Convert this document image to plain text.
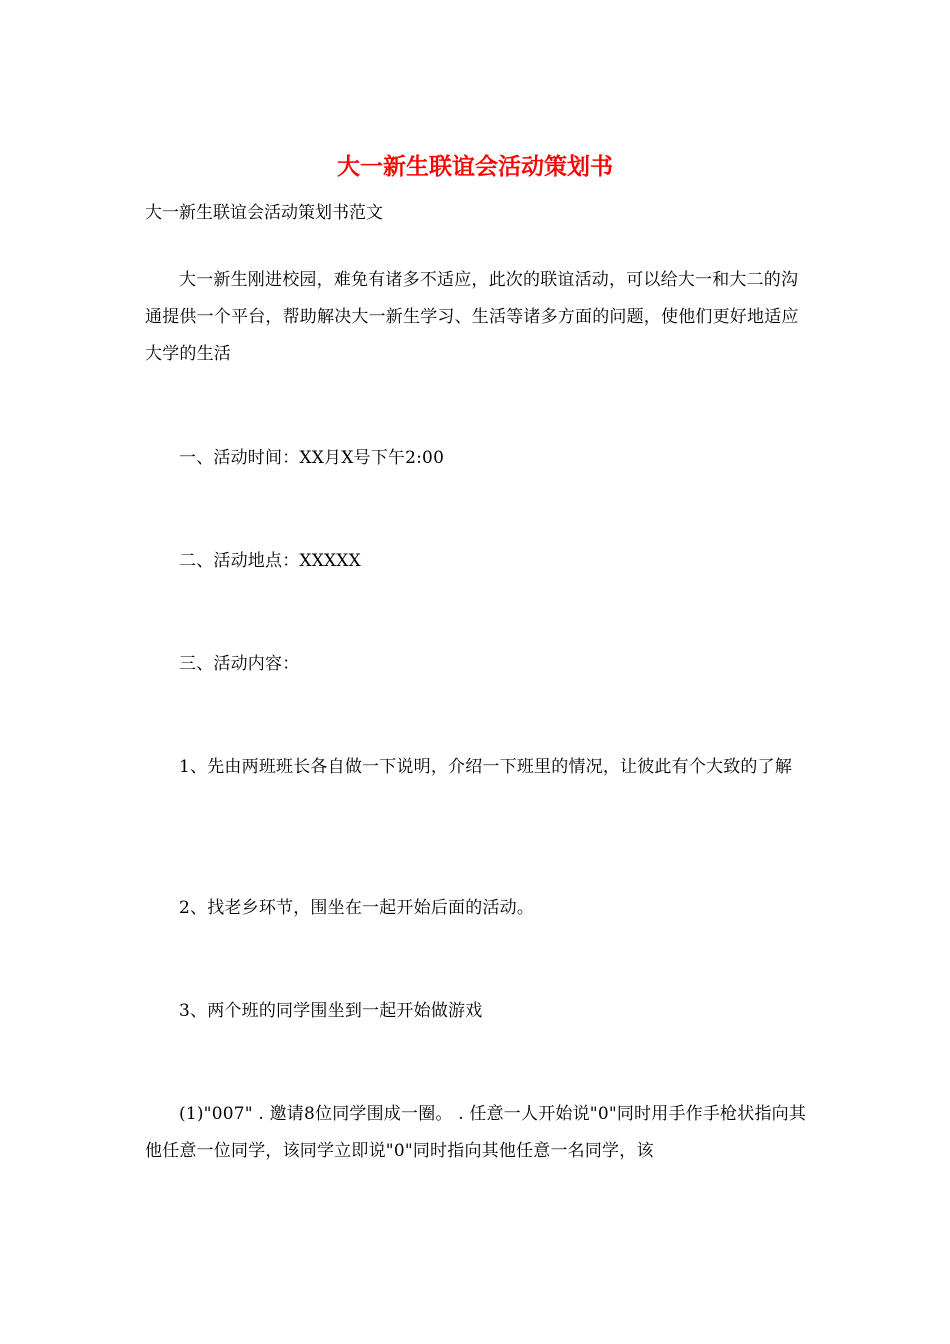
大一新生联谊会活动策划书

大一新生联谊会活动策划书范文

大一新生刚进校园，难免有诸多不适应，此次的联谊活动，可以给大一和大二的沟通提供一个平台，帮助解决大一新生学习、生活等诸多方面的问题，使他们更好地适应大学的生活

一、活动时间：XX月X号下午2:00

二、活动地点：XXXXX

三、活动内容：

1、先由两班班长各自做一下说明，介绍一下班里的情况，让彼此有个大致的了解

2、找老乡环节，围坐在一起开始后面的活动。

3、两个班的同学围坐到一起开始做游戏

(1)"007" . 邀请8位同学围成一圈。 . 任意一人开始说"0"同时用手作手枪状指向其他任意一位同学，该同学立即说"0"同时指向其他任意一名同学，该
